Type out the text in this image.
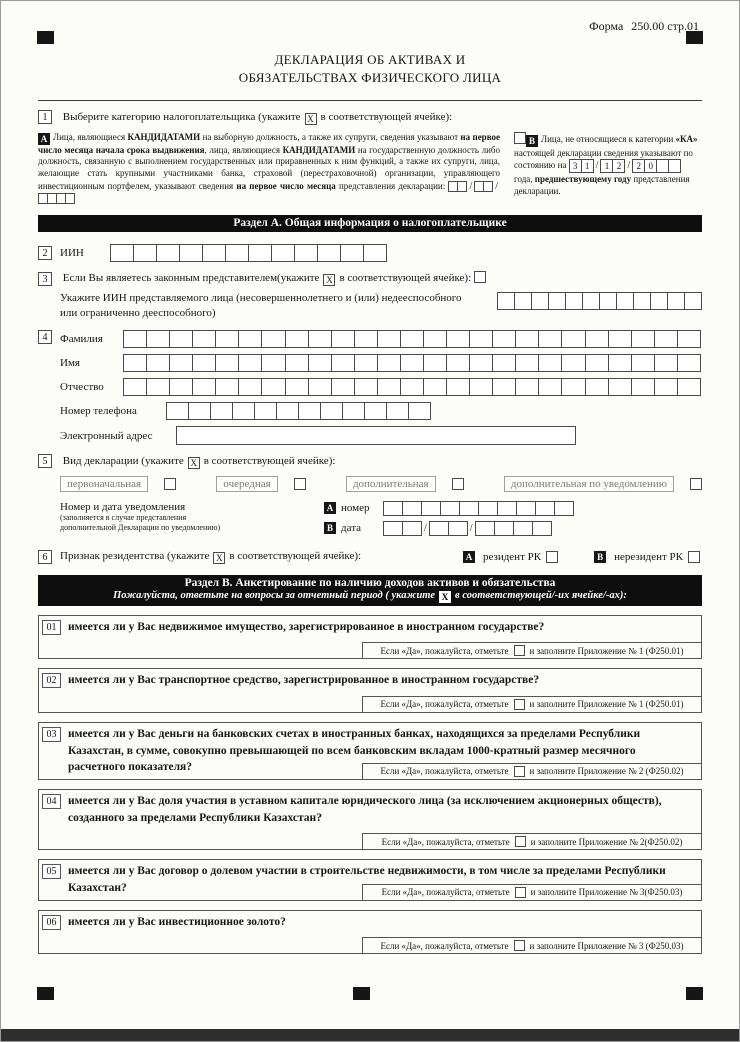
Форма 250.00 стр.01
ДЕКЛАРАЦИЯ ОБ АКТИВАХ И
ОБЯЗАТЕЛЬСТВАХ ФИЗИЧЕСКОГО ЛИЦА
1 Выберите категорию налогоплательщика (укажите X в соответствующей ячейке):
А Лица, являющиеся КАНДИДАТАМИ на выборную должность, а также их супруги, сведения указывают на первое число месяца начала срока выдвижения, лица, являющиеся КАНДИДАТАМИ на государственную должность либо должность, связанную с выполнением государственных или приравненных к ним функций, а также их супруги, лица, желающие стать крупными участниками банка, страховой (перестраховочной) организации, управляющего инвестиционным портфелем, указывают сведения на первое число месяца представления декларации:
/ /
В Лица, не относящиеся к категории «КА» настоящей декларации сведения указывают по состоянию на 3 1 / 1 2 / 2 0
года, предшествующему году представления декларации.
Раздел А. Общая информация о налогоплательщике
2	ИИН
3 Если Вы являетесь законным представителем(укажите X в соответствующей ячейке):
Укажите ИИН представляемого лица (несовершеннолетнего и (или) недееспособного или ограниченно дееспособного)
4	Фамилия
Имя
Отчество
Номер телефона
Электронный адрес
5 Вид декларации (укажите X в соответствующей ячейке):
первоначальная	очередная	дополнительная	дополнительная по уведомлению
Номер и дата уведомления
(заполняется в случае представления
дополнительной Декларации по уведомлению)
А номер
В дата	/	/
6	Признак резидентства (укажите X в соответствующей ячейке):	А резидент РК	В нерезидент РК
Раздел В. Анкетирование по наличию доходов активов и обязательства
Пожалуйста, ответьте на вопросы за отчетный период ( укажите X в соответствующей/-их ячейке/-ах):
01	имеется ли у Вас недвижимое имущество, зарегистрированное в иностранном государстве?
Если «Да», пожалуйста, отметьте и заполните Приложение № 1 (Ф250.01)
02	имеется ли у Вас транспортное средство, зарегистрированное в иностранном государстве?
Если «Да», пожалуйста, отметьте и заполните Приложение № 1 (Ф250.01)
03	имеется ли у Вас деньги на банковских счетах в иностранных банках, находящихся за пределами Республики Казахстан, в сумме, совокупно превышающей по всем банковским вкладам 1000-кратный размер месячного расчетного показателя?	Если «Да», пожалуйста, отметьте и заполните Приложение № 2 (Ф250.02)
04	имеется ли у Вас доля участия в уставном капитале юридического лица (за исключением акционерных обществ), созданного за пределами Республики Казахстан?
Если «Да», пожалуйста, отметьте и заполните Приложение № 2(Ф250.02)
05	имеется ли у Вас договор о долевом участии в строительстве недвижимости, в том числе за пределами Республики Казахстан?	Если «Да», пожалуйста, отметьте и заполните Приложение № 3(Ф250.03)
06	имеется ли у Вас инвестиционное золото?
Если «Да», пожалуйста, отметьте и заполните Приложение № 3 (Ф250.03)
